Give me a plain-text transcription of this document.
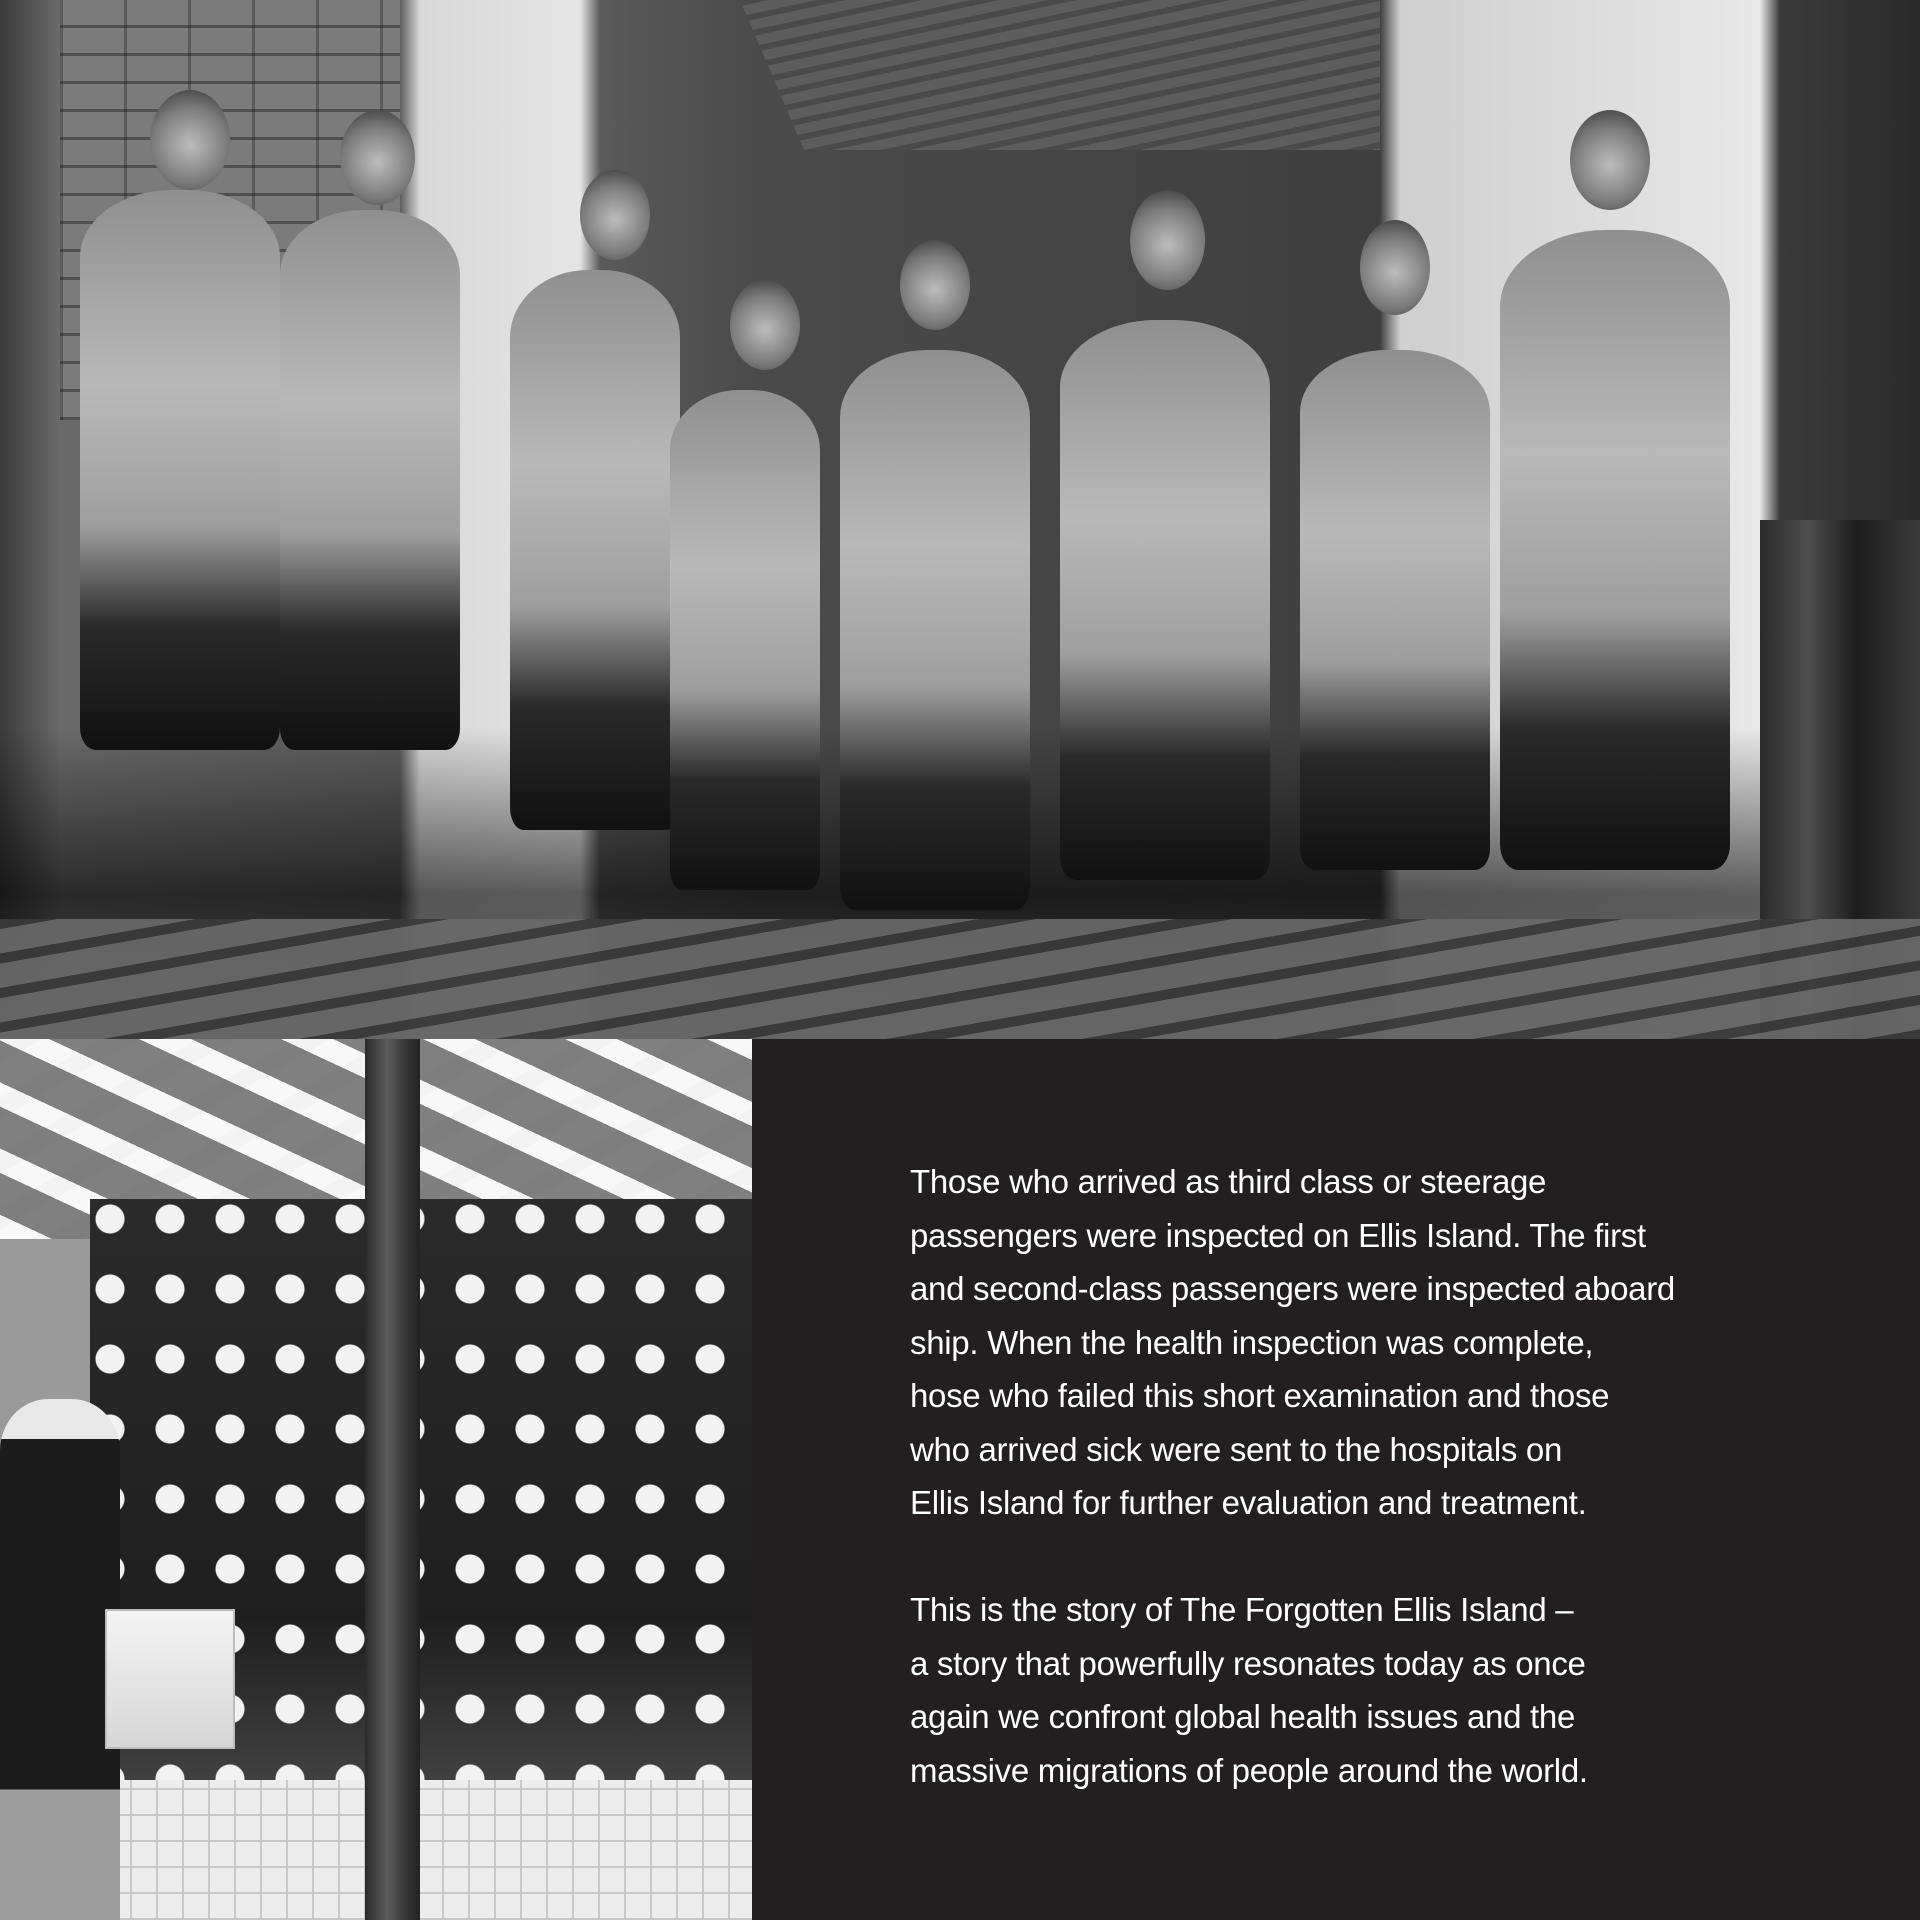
Those who arrived as third class or steerage
passengers were inspected on Ellis Island. The first
and second-class passengers were inspected aboard
ship. When the health inspection was complete,
hose who failed this short examination and those
who arrived sick were sent to the hospitals on
Ellis Island for further evaluation and treatment.

This is the story of The Forgotten Ellis Island –
a story that powerfully resonates today as once
again we confront global health issues and the
massive migrations of people around the world.
